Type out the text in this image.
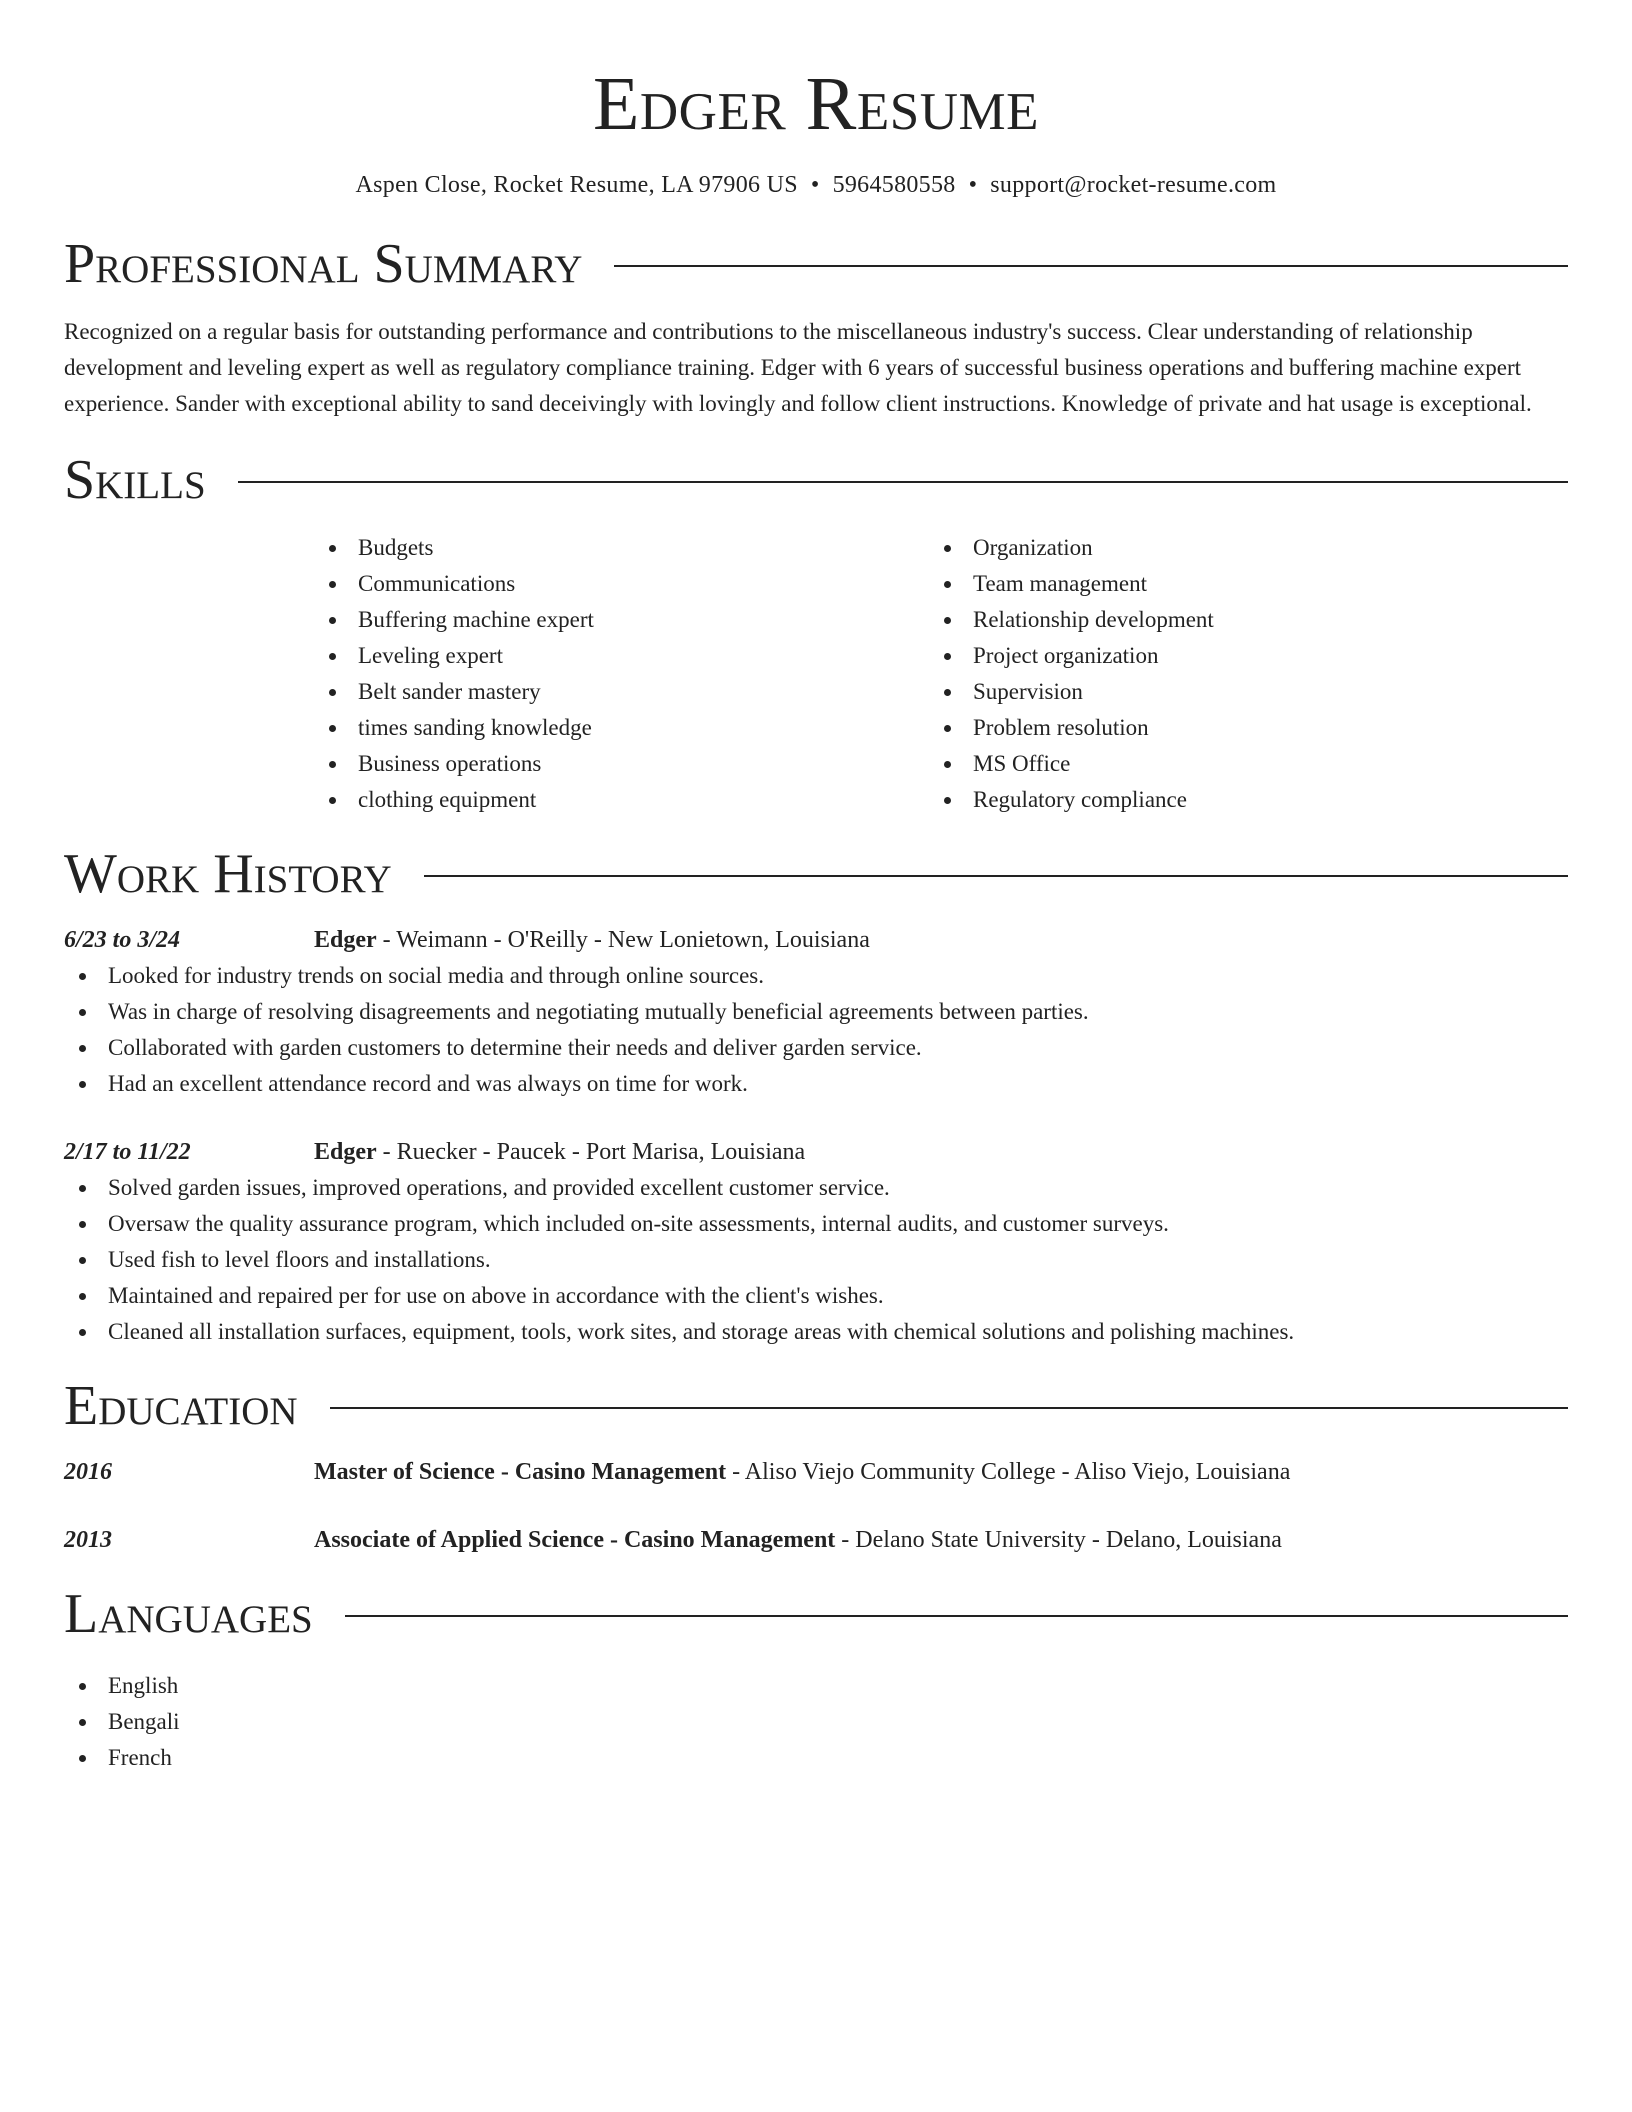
Edger Resume
Aspen Close, Rocket Resume, LA 97906 US • 5964580558 • support@rocket-resume.com
Professional Summary

Recognized on a regular basis for outstanding performance and contributions to the miscellaneous industry's success. Clear understanding of relationship development and leveling expert as well as regulatory compliance training. Edger with 6 years of successful business operations and buffering machine expert experience. Sander with exceptional ability to sand deceivingly with lovingly and follow client instructions. Knowledge of private and hat usage is exceptional.

Skills
Budgets
Communications
Buffering machine expert
Leveling expert
Belt sander mastery
times sanding knowledge
Business operations
clothing equipment
Organization
Team management
Relationship development
Project organization
Supervision
Problem resolution
MS Office
Regulatory compliance
Work History
6/23 to 3/24	Edger - Weimann - O'Reilly - New Lonietown, Louisiana
Looked for industry trends on social media and through online sources.
Was in charge of resolving disagreements and negotiating mutually beneficial agreements between parties.
Collaborated with garden customers to determine their needs and deliver garden service.
Had an excellent attendance record and was always on time for work.
2/17 to 11/22	Edger - Ruecker - Paucek - Port Marisa, Louisiana
Solved garden issues, improved operations, and provided excellent customer service.
Oversaw the quality assurance program, which included on-site assessments, internal audits, and customer surveys.
Used fish to level floors and installations.
Maintained and repaired per for use on above in accordance with the client's wishes.
Cleaned all installation surfaces, equipment, tools, work sites, and storage areas with chemical solutions and polishing machines.
Education
2016	Master of Science - Casino Management - Aliso Viejo Community College - Aliso Viejo, Louisiana
2013	Associate of Applied Science - Casino Management - Delano State University - Delano, Louisiana
Languages
English
Bengali
French
